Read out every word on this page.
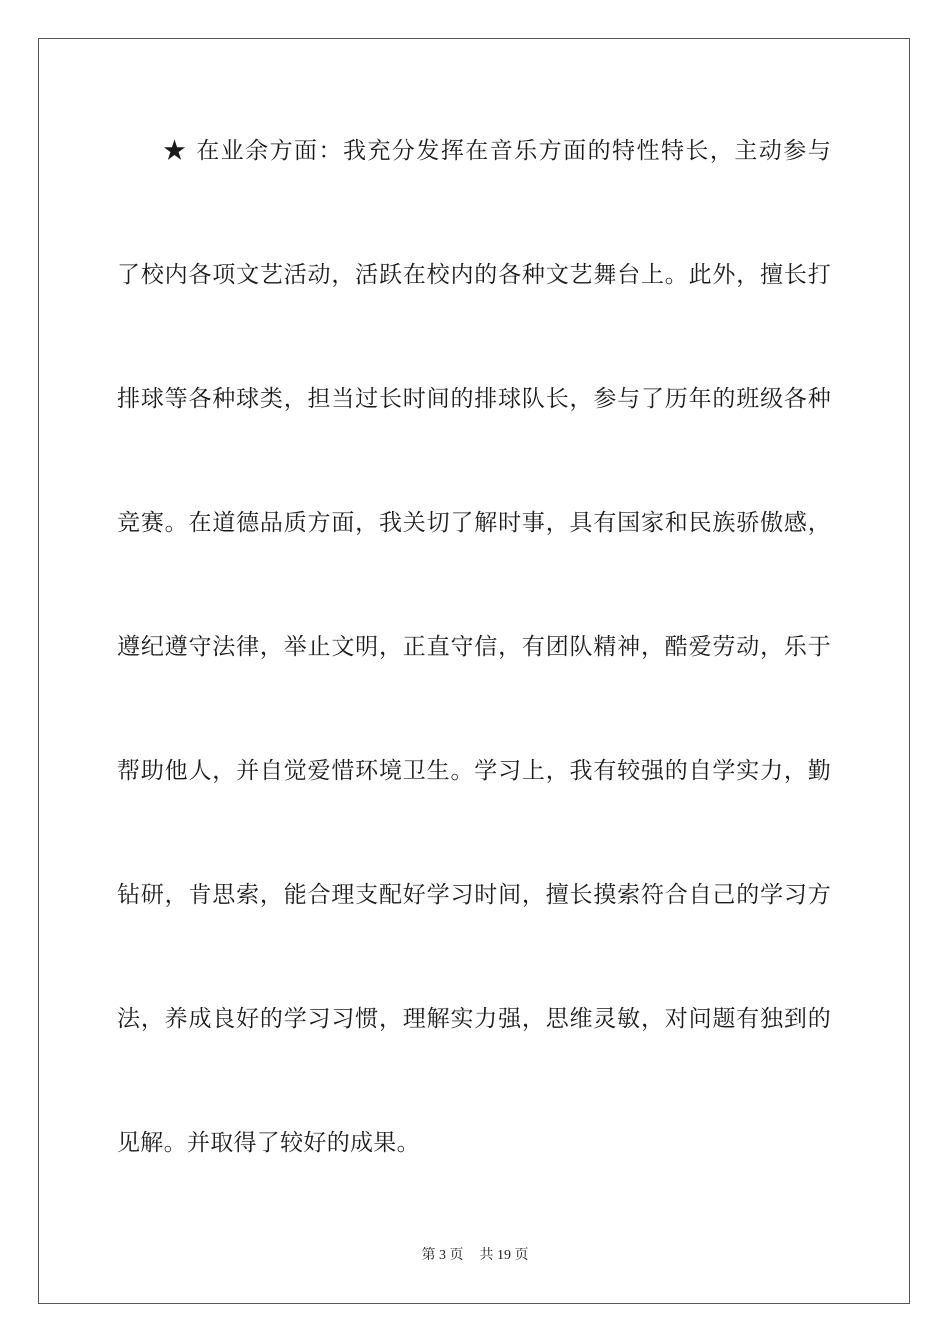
★ 在业余方面：我充分发挥在音乐方面的特性特长，主动参与
了校内各项文艺活动，活跃在校内的各种文艺舞台上。此外，擅长打
排球等各种球类，担当过长时间的排球队长，参与了历年的班级各种
竞赛。在道德品质方面，我关切了解时事，具有国家和民族骄傲感，
遵纪遵守法律，举止文明，正直守信，有团队精神，酷爱劳动，乐于
帮助他人，并自觉爱惜环境卫生。学习上，我有较强的自学实力，勤
钻研，肯思索，能合理支配好学习时间，擅长摸索符合自己的学习方
法，养成良好的学习习惯，理解实力强，思维灵敏，对问题有独到的
见解。并取得了较好的成果。
第 3 页 共 19 页
